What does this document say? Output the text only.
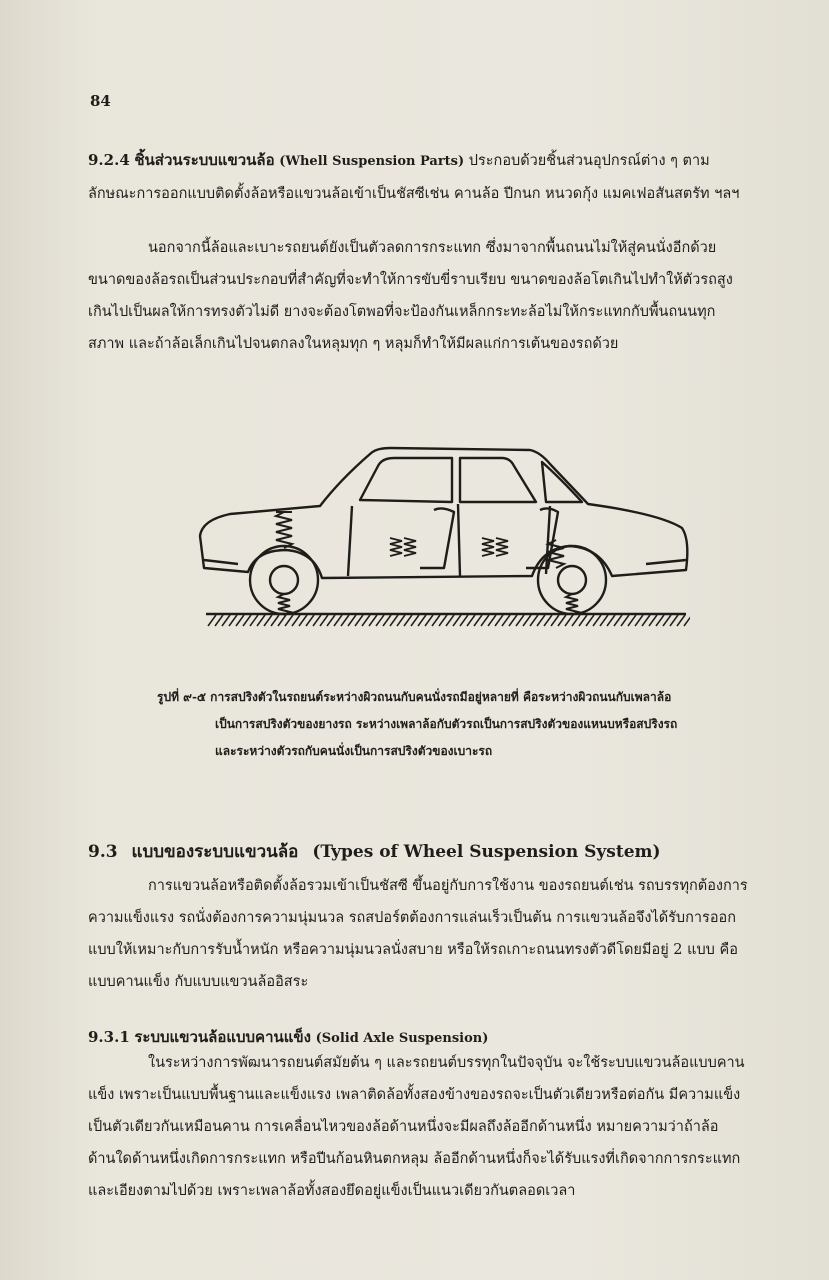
84
9.2.4 ชิ้นส่วนระบบแขวนล้อ (Whell Suspension Parts) ประกอบด้วยชิ้นส่วนอุปกรณ์ต่าง ๆ ตาม
ลักษณะการออกแบบติดตั้งล้อหรือแขวนล้อเข้าเป็นชัสซีเช่น คานล้อ ปีกนก หนวดกุ้ง แมคเฟอสันสตรัท ฯลฯ
นอกจากนี้ล้อและเบาะรถยนต์ยังเป็นตัวลดการกระแทก ซึ่งมาจากพื้นถนนไม่ให้สู่คนนั่งอีกด้วย
ขนาดของล้อรถเป็นส่วนประกอบที่สำคัญที่จะทำให้การขับขี่ราบเรียบ ขนาดของล้อโตเกินไปทำให้ตัวรถสูง
เกินไปเป็นผลให้การทรงตัวไม่ดี ยางจะต้องโตพอที่จะป้องกันเหล็กกระทะล้อไม่ให้กระแทกกับพื้นถนนทุก
สภาพ และถ้าล้อเล็กเกินไปจนตกลงในหลุมทุก ๆ หลุมก็ทำให้มีผลแก่การเต้นของรถด้วย
รูปที่ ๙-๕ การสปริงตัวในรถยนต์ระหว่างผิวถนนกับคนนั่งรถมีอยู่หลายที่ คือระหว่างผิวถนนกับเพลาล้อ
เป็นการสปริงตัวของยางรถ ระหว่างเพลาล้อกับตัวรถเป็นการสปริงตัวของแหนบหรือสปริงรถ
และระหว่างตัวรถกับคนนั่งเป็นการสปริงตัวของเบาะรถ
9.3 แบบของระบบแขวนล้อ (Types of Wheel Suspension System)
การแขวนล้อหรือติดตั้งล้อรวมเข้าเป็นชัสซี ขึ้นอยู่กับการใช้งาน ของรถยนต์เช่น รถบรรทุกต้องการ
ความแข็งแรง รถนั่งต้องการความนุ่มนวล รถสปอร์ตต้องการแล่นเร็วเป็นต้น การแขวนล้อจึงได้รับการออก
แบบให้เหมาะกับการรับน้ำหนัก หรือความนุ่มนวลนั่งสบาย หรือให้รถเกาะถนนทรงตัวดีโดยมีอยู่ 2 แบบ คือ
แบบคานแข็ง กับแบบแขวนล้ออิสระ
9.3.1 ระบบแขวนล้อแบบคานแข็ง (Solid Axle Suspension)
ในระหว่างการพัฒนารถยนต์สมัยต้น ๆ และรถยนต์บรรทุกในปัจจุบัน จะใช้ระบบแขวนล้อแบบคาน
แข็ง เพราะเป็นแบบพื้นฐานและแข็งแรง เพลาติดล้อทั้งสองข้างของรถจะเป็นตัวเดียวหรือต่อกัน มีความแข็ง
เป็นตัวเดียวกันเหมือนคาน การเคลื่อนไหวของล้อด้านหนึ่งจะมีผลถึงล้ออีกด้านหนึ่ง หมายความว่าถ้าล้อ
ด้านใดด้านหนึ่งเกิดการกระแทก หรือปีนก้อนหินตกหลุม ล้ออีกด้านหนึ่งก็จะได้รับแรงที่เกิดจากการกระแทก
และเอียงตามไปด้วย เพราะเพลาล้อทั้งสองยึดอยู่แข็งเป็นแนวเดียวกันตลอดเวลา
